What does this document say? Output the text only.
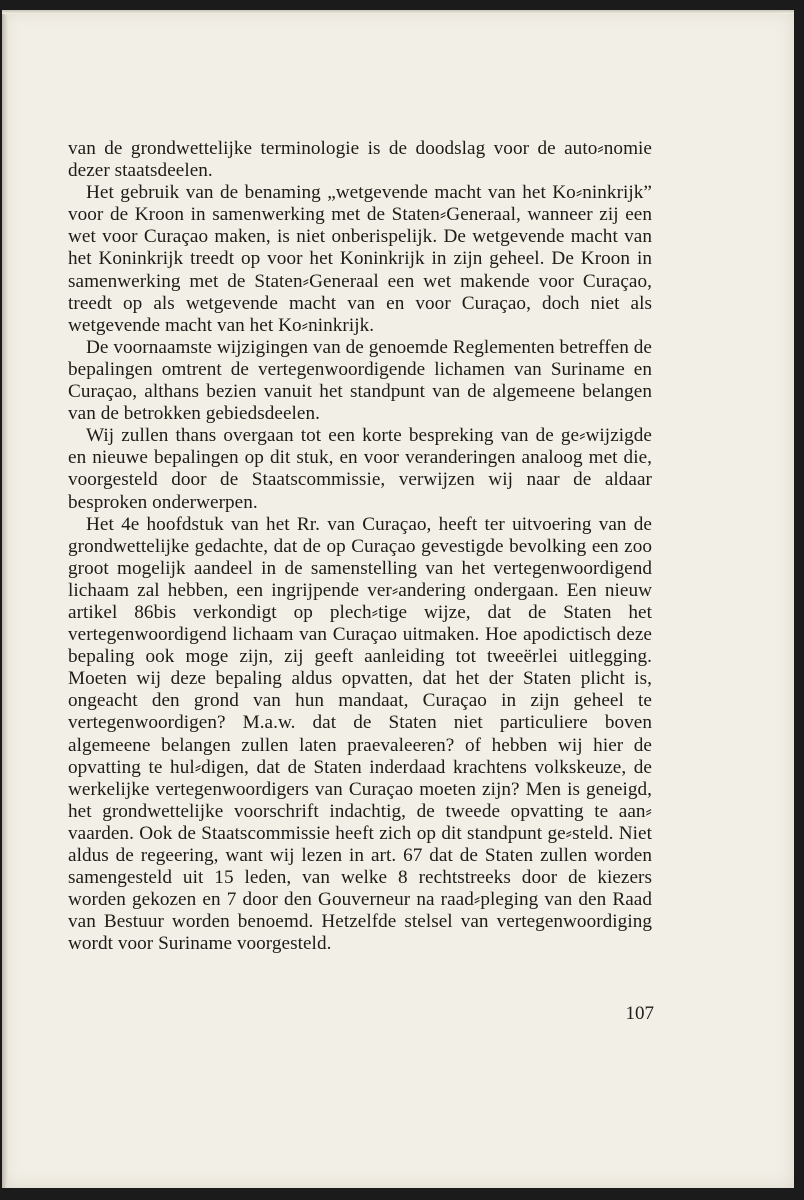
van de grondwettelijke terminologie is de doodslag voor de auto⸗nomie dezer staatsdeelen.

Het gebruik van de benaming „wetgevende macht van het Ko⸗ninkrijk” voor de Kroon in samenwerking met de Staten⸗Generaal, wanneer zij een wet voor Curaçao maken, is niet onberispelijk. De wetgevende macht van het Koninkrijk treedt op voor het Koninkrijk in zijn geheel. De Kroon in samenwerking met de Staten⸗Generaal een wet makende voor Curaçao, treedt op als wetgevende macht van en voor Curaçao, doch niet als wetgevende macht van het Ko⸗ninkrijk.

De voornaamste wijzigingen van de genoemde Reglementen betreffen de bepalingen omtrent de vertegenwoordigende lichamen van Suriname en Curaçao, althans bezien vanuit het standpunt van de algemeene belangen van de betrokken gebiedsdeelen.

Wij zullen thans overgaan tot een korte bespreking van de ge⸗wijzigde en nieuwe bepalingen op dit stuk, en voor veranderingen analoog met die, voorgesteld door de Staatscommissie, verwijzen wij naar de aldaar besproken onderwerpen.

Het 4e hoofdstuk van het Rr. van Curaçao, heeft ter uitvoering van de grondwettelijke gedachte, dat de op Curaçao gevestigde bevolking een zoo groot mogelijk aandeel in de samenstelling van het vertegenwoordigend lichaam zal hebben, een ingrijpende ver⸗andering ondergaan. Een nieuw artikel 86bis verkondigt op plech⸗tige wijze, dat de Staten het vertegenwoordigend lichaam van Curaçao uitmaken. Hoe apodictisch deze bepaling ook moge zijn, zij geeft aanleiding tot tweeërlei uitlegging. Moeten wij deze bepaling aldus opvatten, dat het der Staten plicht is, ongeacht den grond van hun mandaat, Curaçao in zijn geheel te vertegenwoordigen? M.a.w. dat de Staten niet particuliere boven algemeene belangen zullen laten praevaleeren? of hebben wij hier de opvatting te hul⸗digen, dat de Staten inderdaad krachtens volkskeuze, de werkelijke vertegenwoordigers van Curaçao moeten zijn? Men is geneigd, het grondwettelijke voorschrift indachtig, de tweede opvatting te aan⸗vaarden. Ook de Staatscommissie heeft zich op dit standpunt ge⸗steld. Niet aldus de regeering, want wij lezen in art. 67 dat de Staten zullen worden samengesteld uit 15 leden, van welke 8 rechtstreeks door de kiezers worden gekozen en 7 door den Gouverneur na raad⸗pleging van den Raad van Bestuur worden benoemd. Hetzelfde stelsel van vertegenwoordiging wordt voor Suriname voorgesteld.

107
